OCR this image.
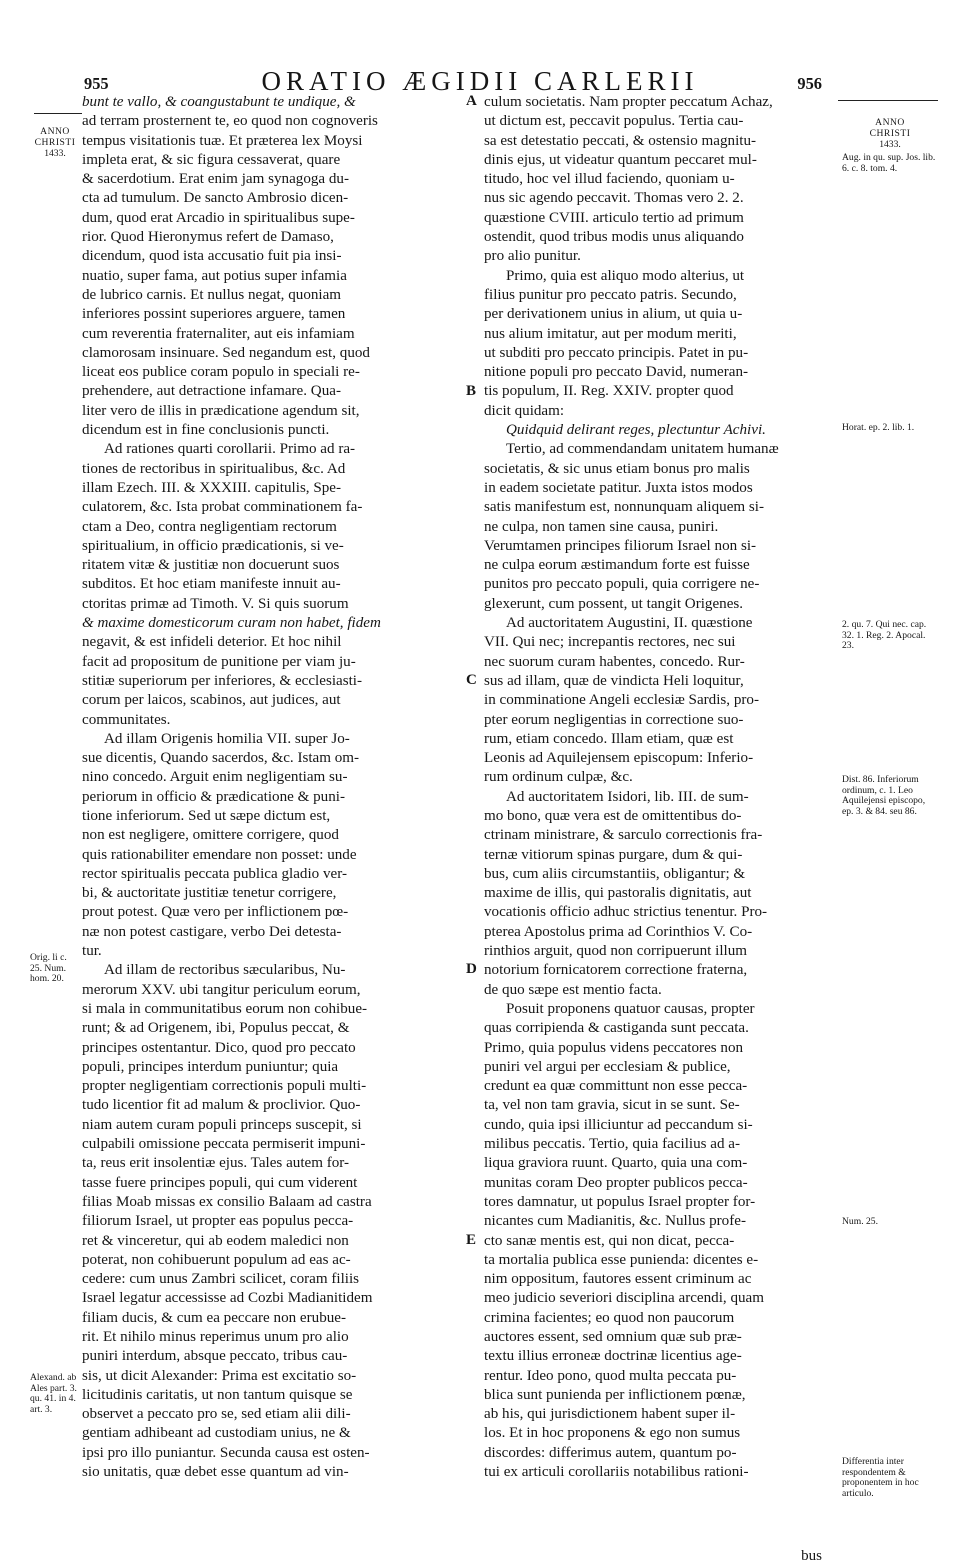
955	ORATIO ÆGIDII CARLERII	956
ANNO
CHRISTI
1433.
Orig. li c. 25. Num. hom. 20.
Alexand. ab Ales part. 3. qu. 41. in 4. art. 3.
ANNO
CHRISTI
1433.
Aug. in qu. sup. Jos. lib. 6. c. 8. tom. 4.
Horat. ep. 2. lib. 1.
2. qu. 7. Qui nec. cap. 32. 1. Reg. 2. Apocal. 23.
Dist. 86. Inferiorum ordinum, c. 1. Leo Aquilejensi episcopo, ep. 3. & 84. seu 86.
Num. 25.
Differentia inter respondentem & proponentem in hoc articulo.
A
B
C
D
E
bunt te vallo, & coangustabunt te undique, &
ad terram prosternent te, eo quod non cognoveris
tempus visitationis tuæ. Et præterea lex Moysi
impleta erat, & sic figura cessaverat, quare
& sacerdotium. Erat enim jam synagoga du-
cta ad tumulum. De sancto Ambrosio dicen-
dum, quod erat Arcadio in spiritualibus supe-
rior. Quod Hieronymus refert de Damaso,
dicendum, quod ista accusatio fuit pia insi-
nuatio, super fama, aut potius super infamia
de lubrico carnis. Et nullus negat, quoniam
inferiores possint superiores arguere, tamen
cum reverentia fraternaliter, aut eis infamiam
clamorosam insinuare. Sed negandum est, quod
liceat eos publice coram populo in speciali re-
prehendere, aut detractione infamare. Qua-
liter vero de illis in prædicatione agendum sit,
dicendum est in fine conclusionis puncti.
Ad rationes quarti corollarii. Primo ad ra-
tiones de rectoribus in spiritualibus, &c. Ad
illam Ezech. III. & XXXIII. capitulis, Spe-
culatorem, &c. Ista probat comminationem fa-
ctam a Deo, contra negligentiam rectorum
spiritualium, in officio prædicationis, si ve-
ritatem vitæ & justitiæ non docuerunt suos
subditos. Et hoc etiam manifeste innuit au-
ctoritas primæ ad Timoth. V. Si quis suorum
& maxime domesticorum curam non habet, fidem
negavit, & est infideli deterior. Et hoc nihil
facit ad propositum de punitione per viam ju-
stitiæ superiorum per inferiores, & ecclesiasti-
corum per laicos, scabinos, aut judices, aut
communitates.
Ad illam Origenis homilia VII. super Jo-
sue dicentis, Quando sacerdos, &c. Istam om-
nino concedo. Arguit enim negligentiam su-
periorum in officio & prædicatione & puni-
tione inferiorum. Sed ut sæpe dictum est,
non est negligere, omittere corrigere, quod
quis rationabiliter emendare non posset: unde
rector spiritualis peccata publica gladio ver-
bi, & auctoritate justitiæ tenetur corrigere,
prout potest. Quæ vero per inflictionem pœ-
næ non potest castigare, verbo Dei detesta-
tur.
Ad illam de rectoribus sæcularibus, Nu-
merorum XXV. ubi tangitur periculum eorum,
si mala in communitatibus eorum non cohibue-
runt; & ad Origenem, ibi, Populus peccat, &
principes ostentantur. Dico, quod pro peccato
populi, principes interdum puniuntur; quia
propter negligentiam correctionis populi multi-
tudo licentior fit ad malum & proclivior. Quo-
niam autem curam populi princeps suscepit, si
culpabili omissione peccata permiserit impuni-
ta, reus erit insolentiæ ejus. Tales autem for-
tasse fuere principes populi, qui cum viderent
filias Moab missas ex consilio Balaam ad castra
filiorum Israel, ut propter eas populus pecca-
ret & vinceretur, qui ab eodem maledici non
poterat, non cohibuerunt populum ad eas ac-
cedere: cum unus Zambri scilicet, coram filiis
Israel legatur accessisse ad Cozbi Madianitidem
filiam ducis, & cum ea peccare non erubue-
rit. Et nihilo minus reperimus unum pro alio
puniri interdum, absque peccato, tribus cau-
sis, ut dicit Alexander: Prima est excitatio so-
licitudinis caritatis, ut non tantum quisque se
observet a peccato pro se, sed etiam alii dili-
gentiam adhibeant ad custodiam unius, ne &
ipsi pro illo puniantur. Secunda causa est osten-
sio unitatis, quæ debet esse quantum ad vin-
culum societatis. Nam propter peccatum Achaz,
ut dictum est, peccavit populus. Tertia cau-
sa est detestatio peccati, & ostensio magnitu-
dinis ejus, ut videatur quantum peccaret mul-
titudo, hoc vel illud faciendo, quoniam u-
nus sic agendo peccavit. Thomas vero 2. 2.
quæstione CVIII. articulo tertio ad primum
ostendit, quod tribus modis unus aliquando
pro alio punitur.
Primo, quia est aliquo modo alterius, ut
filius punitur pro peccato patris. Secundo,
per derivationem unius in alium, ut quia u-
nus alium imitatur, aut per modum meriti,
ut subditi pro peccato principis. Patet in pu-
nitione populi pro peccato David, numeran-
tis populum, II. Reg. XXIV. propter quod
dicit quidam:
Quidquid delirant reges, plectuntur Achivi.
Tertio, ad commendandam unitatem humanæ
societatis, & sic unus etiam bonus pro malis
in eadem societate patitur. Juxta istos modos
satis manifestum est, nonnunquam aliquem si-
ne culpa, non tamen sine causa, puniri.
Verumtamen principes filiorum Israel non si-
ne culpa eorum æstimandum forte est fuisse
punitos pro peccato populi, quia corrigere ne-
glexerunt, cum possent, ut tangit Origenes.
Ad auctoritatem Augustini, II. quæstione
VII. Qui nec; increpantis rectores, nec sui
nec suorum curam habentes, concedo. Rur-
sus ad illam, quæ de vindicta Heli loquitur,
in comminatione Angeli ecclesiæ Sardis, pro-
pter eorum negligentias in correctione suo-
rum, etiam concedo. Illam etiam, quæ est
Leonis ad Aquilejensem episcopum: Inferio-
rum ordinum culpæ, &c.
Ad auctoritatem Isidori, lib. III. de sum-
mo bono, quæ vera est de omittentibus do-
ctrinam ministrare, & sarculo correctionis fra-
ternæ vitiorum spinas purgare, dum & qui-
bus, cum aliis circumstantiis, obligantur; &
maxime de illis, qui pastoralis dignitatis, aut
vocationis officio adhuc strictius tenentur. Pro-
pterea Apostolus prima ad Corinthios V. Co-
rinthios arguit, quod non corripuerunt illum
notorium fornicatorem correctione fraterna,
de quo sæpe est mentio facta.
Posuit proponens quatuor causas, propter
quas corripienda & castiganda sunt peccata.
Primo, quia populus videns peccatores non
puniri vel argui per ecclesiam & publice,
credunt ea quæ committunt non esse pecca-
ta, vel non tam gravia, sicut in se sunt. Se-
cundo, quia ipsi illiciuntur ad peccandum si-
milibus peccatis. Tertio, quia facilius ad a-
liqua graviora ruunt. Quarto, quia una com-
munitas coram Deo propter publicos pecca-
tores damnatur, ut populus Israel propter for-
nicantes cum Madianitis, &c. Nullus profe-
cto sanæ mentis est, qui non dicat, pecca-
ta mortalia publica esse punienda: dicentes e-
nim oppositum, fautores essent criminum ac
meo judicio severiori disciplina arcendi, quam
crimina facientes; eo quod non paucorum
auctores essent, sed omnium quæ sub præ-
textu illius erroneæ doctrinæ licentius age-
rentur. Ideo pono, quod multa peccata pu-
blica sunt punienda per inflictionem pœnæ,
ab his, qui jurisdictionem habent super il-
los. Et in hoc proponens & ego non sumus
discordes: differimus autem, quantum po-
tui ex articuli corollariis notabilibus rationi-
bus
